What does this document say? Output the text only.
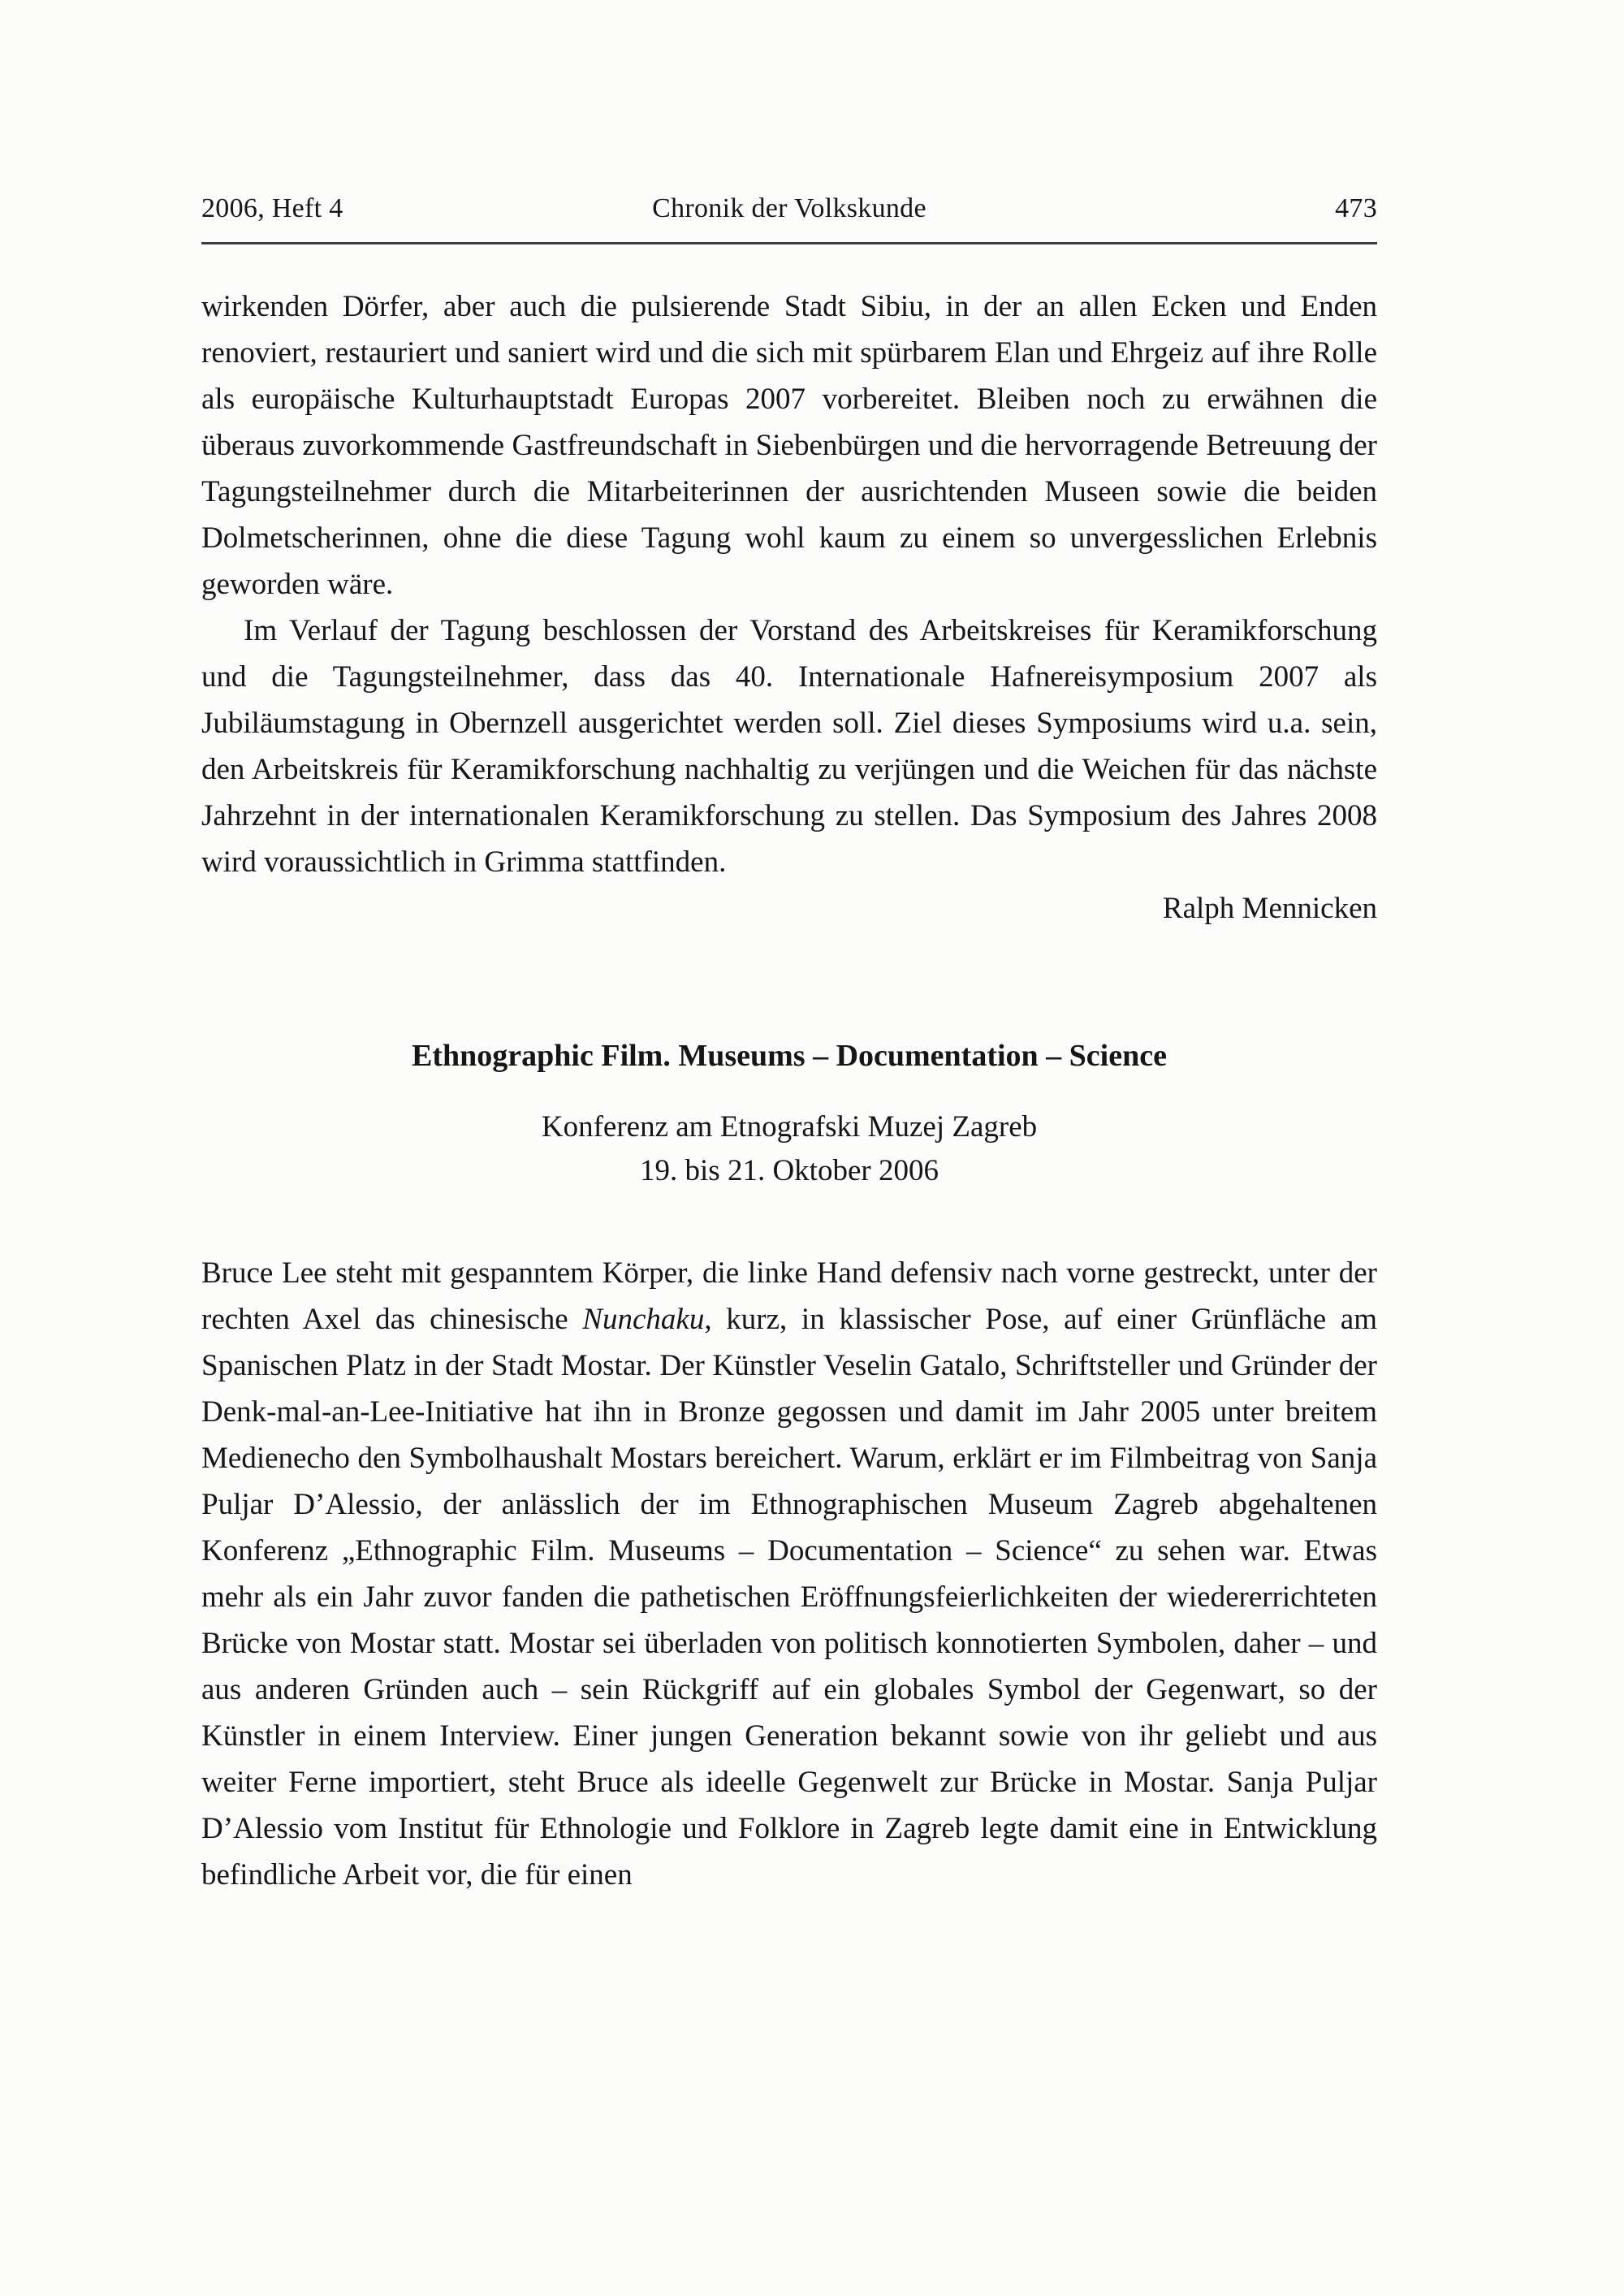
2006, Heft 4	Chronik der Volkskunde	473

wirkenden Dörfer, aber auch die pulsierende Stadt Sibiu, in der an allen Ecken und Enden renoviert, restauriert und saniert wird und die sich mit spürbarem Elan und Ehrgeiz auf ihre Rolle als europäische Kulturhauptstadt Europas 2007 vorbereitet. Bleiben noch zu erwähnen die überaus zuvorkommende Gastfreundschaft in Siebenbürgen und die hervorragende Betreuung der Tagungsteilnehmer durch die Mitarbeiterinnen der ausrichtenden Museen sowie die beiden Dolmetscherinnen, ohne die diese Tagung wohl kaum zu einem so unvergesslichen Erlebnis geworden wäre.

Im Verlauf der Tagung beschlossen der Vorstand des Arbeitskreises für Keramikforschung und die Tagungsteilnehmer, dass das 40. Internationale Hafnereisymposium 2007 als Jubiläumstagung in Obernzell ausgerichtet werden soll. Ziel dieses Symposiums wird u.a. sein, den Arbeitskreis für Keramikforschung nachhaltig zu verjüngen und die Weichen für das nächste Jahrzehnt in der internationalen Keramikforschung zu stellen. Das Symposium des Jahres 2008 wird voraussichtlich in Grimma stattfinden.

Ralph Mennicken
Ethnographic Film. Museums – Documentation – Science
Konferenz am Etnografski Muzej Zagreb
19. bis 21. Oktober 2006

Bruce Lee steht mit gespanntem Körper, die linke Hand defensiv nach vorne gestreckt, unter der rechten Axel das chinesische Nunchaku, kurz, in klassischer Pose, auf einer Grünfläche am Spanischen Platz in der Stadt Mostar. Der Künstler Veselin Gatalo, Schriftsteller und Gründer der Denk-mal-an-Lee-Initiative hat ihn in Bronze gegossen und damit im Jahr 2005 unter breitem Medienecho den Symbolhaushalt Mostars bereichert. Warum, erklärt er im Filmbeitrag von Sanja Puljar D’Alessio, der anlässlich der im Ethnographischen Museum Zagreb abgehaltenen Konferenz „Ethnographic Film. Museums – Documentation – Science“ zu sehen war. Etwas mehr als ein Jahr zuvor fanden die pathetischen Eröffnungsfeierlichkeiten der wiedererrichteten Brücke von Mostar statt. Mostar sei überladen von politisch konnotierten Symbolen, daher – und aus anderen Gründen auch – sein Rückgriff auf ein globales Symbol der Gegenwart, so der Künstler in einem Interview. Einer jungen Generation bekannt sowie von ihr geliebt und aus weiter Ferne importiert, steht Bruce als ideelle Gegenwelt zur Brücke in Mostar. Sanja Puljar D’Alessio vom Institut für Ethnologie und Folklore in Zagreb legte damit eine in Entwicklung befindliche Arbeit vor, die für einen
